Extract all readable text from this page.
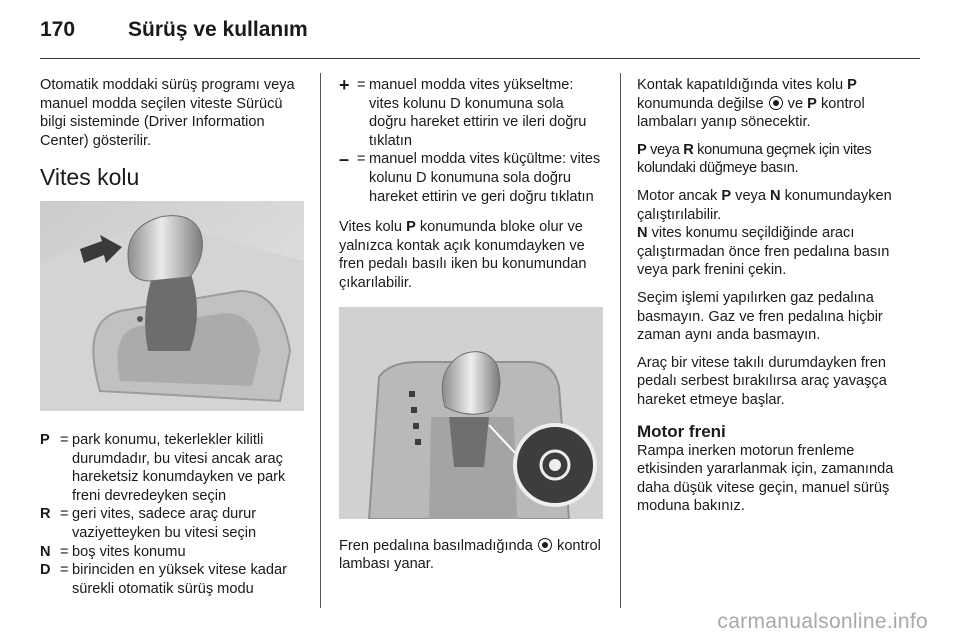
170	Sürüş ve kullanım

Otomatik moddaki sürüş programı veya manuel modda seçilen viteste Sürücü bilgi sisteminde (Driver Information Center) gösterilir.

Vites kolu
P = park konumu, tekerlekler kilitli durumdadır, bu vitesi ancak araç hareketsiz konumdayken ve park freni devredeyken seçin
R = geri vites, sadece araç durur vaziyetteyken bu vitesi seçin
N = boş vites konumu
D = birinciden en yüksek vitese kadar sürekli otomatik sürüş modu
+ = manuel modda vites yükseltme: vites kolunu D konumuna sola doğru hareket ettirin ve ileri doğru tıklatın
– = manuel modda vites küçültme: vites kolunu D konumuna sola doğru hareket ettirin ve geri doğru tıklatın

Vites kolu P konumunda bloke olur ve yalnızca kontak açık konumdayken ve fren pedalı basılı iken bu konumundan çıkarılabilir.

Fren pedalına basılmadığında  kontrol lambası yanar.

Kontak kapatıldığında vites kolu P konumunda değilse  ve P kontrol lambaları yanıp sönecektir.

P veya R konumuna geçmek için vites kolundaki düğmeye basın.

Motor ancak P veya N konumundayken çalıştırılabilir.
N vites konumu seçildiğinde aracı çalıştırmadan önce fren pedalına basın veya park frenini çekin.

Seçim işlemi yapılırken gaz pedalına basmayın. Gaz ve fren pedalına hiçbir zaman aynı anda basmayın.

Araç bir vitese takılı durumdayken fren pedalı serbest bırakılırsa araç yavaşça hareket etmeye başlar.

Motor freni

Rampa inerken motorun frenleme etkisinden yararlanmak için, zamanında daha düşük vitese geçin, manuel sürüş moduna bakınız.

carmanualsonline.info
